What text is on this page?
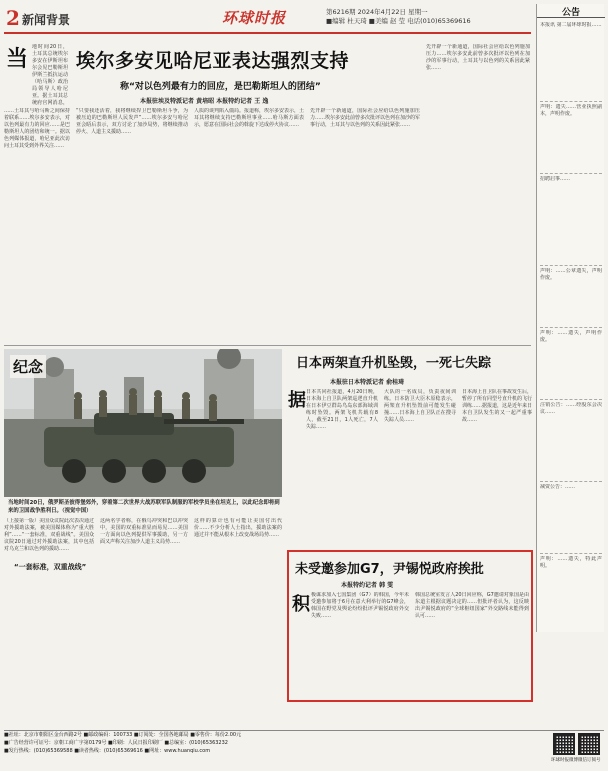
2 新闻背景	环球时报	第6216期 2024年4月22日 星期一
■编辑 杜天琦 ■美编 赵 莹 电话(010)65369616
当 地时间20日，土耳其总统埃尔多安在伊斯坦布尔会见巴勒斯坦伊斯兰抵抗运动（哈马斯）政治局领导人哈尼亚。据土耳其总统府官网消息，
埃尔多安见哈尼亚表达强烈支持
称“对以色列最有力的回应，是巴勒斯坦人的团结”
本报驻埃及特派记者 黄培昭 本报特约记者 王 逸
……土耳其与哈马斯之间保持着联系……埃尔多安表示，对以色列最有力的回应……是巴勒斯坦人的团结和统一。据以色列媒体报道，哈尼亚此次访问土耳其受到外界关注……
“只要我还活着，我将继续捍卫巴勒斯坦斗争，为被压迫的巴勒斯坦人民发声”……埃尔多安与哈尼亚会晤后表示，双方讨论了加沙局势，将继续推动停火、人道主义援助……
人质的谈判陷入僵局。报道称，埃尔多安表示，土耳其将继续支持巴勒斯坦事业……哈马斯方面表示，愿意在国际社会的斡旋下达成停火协议……
先开辟一个新通道，国际社会应给以色列施加压力……埃尔多安此前曾多次批评以色列在加沙的军事行动，土耳其与以色列的关系因此紧张……
先开辟一个新通道，国际社会应给以色列施加压力……埃尔多安此前曾多次批评以色列在加沙的军事行动，土耳其与以色列的关系因此紧张……
纪念
当地时间20日，俄罗斯圣彼得堡郊外，穿着第二次世界大战苏联军队制服的军校学员坐在坦克上，以此纪念即将到来的卫国战争胜利日。（视觉中国）
（上接第一版）美国众议院此次表决通过对外援助法案，被美国媒体称为“重大胜利”……“一套标准，双重战线”。美国众议院20日通过对外援助法案，其中包括对乌克兰和以色列的援助……
“一套标准，双重战线”
这两名学者称，在俄乌冲突和巴以冲突中，美国的双重标准显而易见……美国一方面向以色列提供军事援助，另一方面又声称关注加沙人道主义局势……
这样的算计也有可能让美国付出代价……不少分析人士指出，援助法案的通过并不能从根本上改变战场局势……
日本两架直升机坠毁，一死七失踪
本报驻日本特派记者 俞桂琦
据 日本共同社报道，4月20日晚，日本海上自卫队两架巡逻直升机在日本伊豆群岛鸟岛东部海域训练时坠毁。两架飞机共载有8人，截至21日，1人死亡，7人失踪……
大队的一名成员，负责夜间训练。日本防卫大臣木原稔表示，两架直升机坠毁前可能发生碰撞……日本海上自卫队正在搜寻失踪人员……
日本海上自卫队在事故发生后，暂停了所有同型号直升机的飞行训练……据报道，这是近年来日本自卫队发生的又一起严重事故……
未受邀参加G7，尹锡悦政府挨批
本报特约记者 韩 雯
积 极谋求加入七国集团（G7）的韩国，今年未受邀参加将于6月在意大利举行的G7峰会，韩国在野党及舆论纷纷批评尹锡悦政府外交失败……
韩国总统室发言人20日回应称，G7邀请对象国是由东道主根据议题决定的……但批评者认为，这反映出尹锡悦政府的“全球枢纽国家”外交路线未能得到认可……
公告
本报讯 第二届环球时报……
声明：遗失……营业执照副本，声明作废。
招聘启事……
声明：……公章遗失，声明作废。
声明：……遗失，声明作废。
注销公告：……经股东会决议……
减资公告：……
声明：……遗失，特此声明。
■社址：北京市朝阳区金台西路2号 ■邮政编码：100733 ■订阅处：全国各地邮局 ■零售价：每份2.00元
■广告经营许可证号：京朝工商广字第0179号 ■印刷：人民日报印刷厂 ■总编室：(010)65363232
■发行热线：(010)65369588 ■读者热线：(010)65369616 ■网址：www.huanqiu.com
环球时报微博 微信订阅号
